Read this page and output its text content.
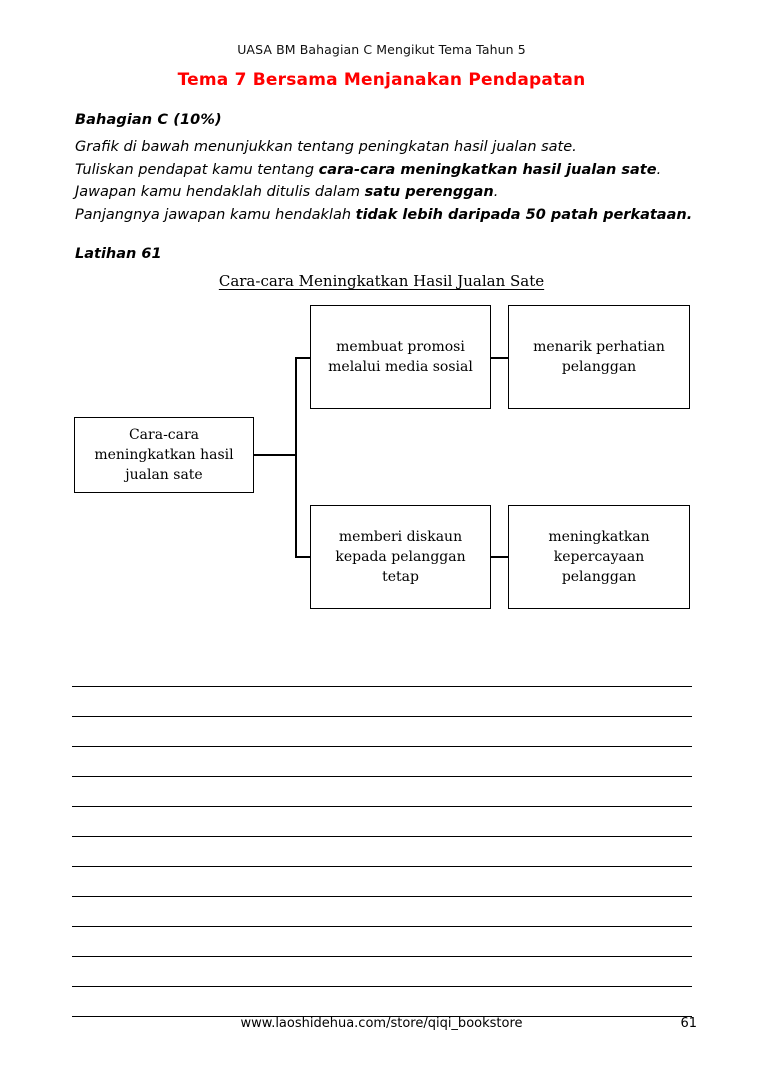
UASA BM Bahagian C Mengikut Tema Tahun 5
Tema 7 Bersama Menjanakan Pendapatan
Bahagian C (10%)
Grafik di bawah menunjukkan tentang peningkatan hasil jualan sate.
Tuliskan pendapat kamu tentang cara-cara meningkatkan hasil jualan sate.
Jawapan kamu hendaklah ditulis dalam satu perenggan.
Panjangnya jawapan kamu hendaklah tidak lebih daripada 50 patah perkataan.
Latihan 61
Cara-cara Meningkatkan Hasil Jualan Sate
Cara-cara meningkatkan hasil jualan sate
membuat promosi melalui media sosial
menarik perhatian pelanggan
memberi diskaun kepada pelanggan tetap
meningkatkan kepercayaan pelanggan
www.laoshidehua.com/store/qiqi_bookstore	61
